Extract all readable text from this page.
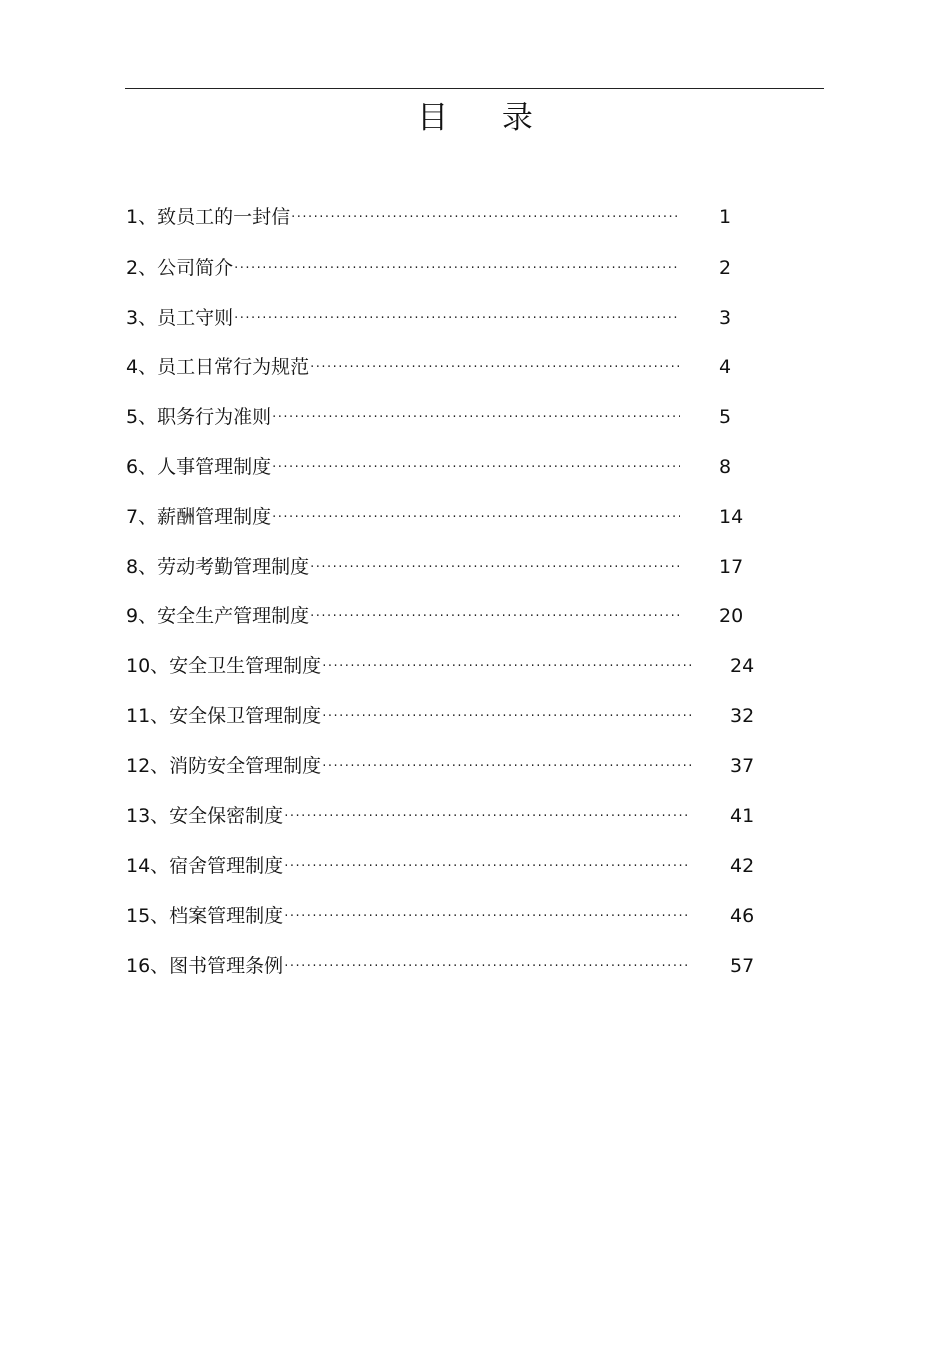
目 录
1、致员工的一封信 ·····	1
2、公司简介 ·····	2
3、员工守则 ·····	3
4、员工日常行为规范 ·····	4
5、职务行为准则 ·····	5
6、人事管理制度 ·····	8
7、薪酬管理制度 ·····	14
8、劳动考勤管理制度 ·····	17
9、安全生产管理制度 ·····	20
10、安全卫生管理制度 ·····	24
11、安全保卫管理制度 ·····	32
12、消防安全管理制度 ·····	37
13、安全保密制度 ·····	41
14、宿舍管理制度 ·····	42
15、档案管理制度 ·····	46
16、图书管理条例 ·····	57
